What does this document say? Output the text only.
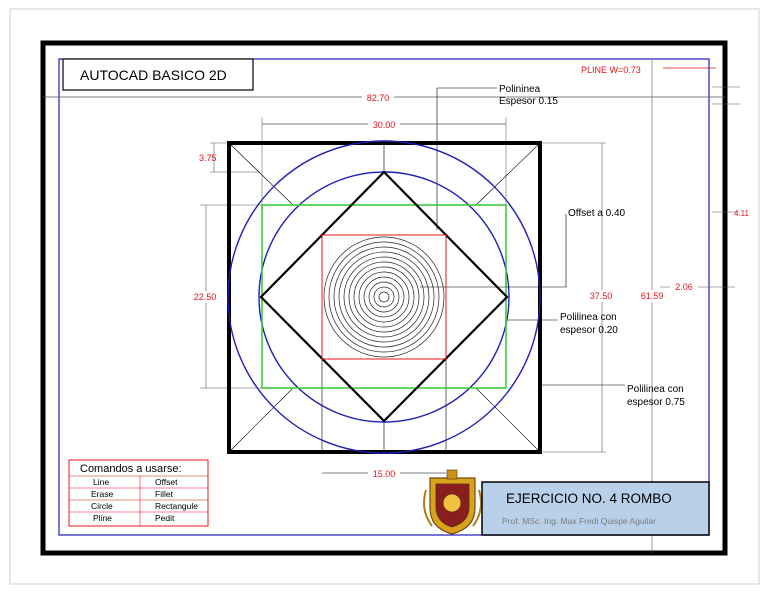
AUTOCAD BASICO 2D	PLINE W=0.73
82.70
Polininea
Espesor 0.15
30.00
3.75
22.50
15.00
37.50	61.59
2.06
4.11
Offset a 0.40
Polilinea con
espesor 0.20
Polilinea con
espesor 0.75
Comandos a usarse:
Line	Offset
Erase	Fillet
Circle	Rectangule
Pline	Pedit
EJERCICIO NO. 4 ROMBO
Prof. MSc. Ing. Max Fredi Quispe Aguilar
